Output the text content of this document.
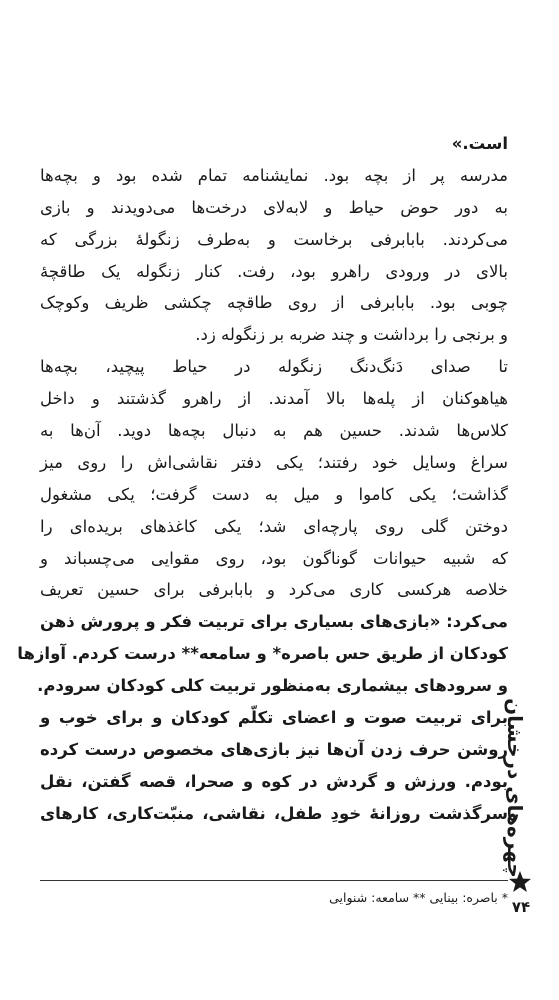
است.»
مدرسه پر از بچه بود. نمایشنامه تمام شده بود و بچه‌ها
به دور حوض حیاط و لابه‌لای درخت‌ها می‌دویدند و بازی
می‌کردند. بابابرفی برخاست و به‌طرف زنگولهٔ بزرگی که
بالای در ورودی راهرو بود، رفت. کنار زنگوله یک طاقچهٔ
چوبی بود. بابابرفی از روی طاقچه چکشی ظریف وکوچک
و برنجی را برداشت و چند ضربه بر زنگوله زد.
تا صدای دَنگ‌دنگ زنگوله در حیاط پیچید، بچه‌ها
هیاهوکنان از پله‌ها بالا آمدند. از راهرو گذشتند و داخل
کلاس‌ها شدند. حسین هم به دنبال بچه‌ها دوید. آن‌ها به
سراغ وسایل خود رفتند؛ یکی دفتر نقاشی‌اش را روی میز
گذاشت؛ یکی کاموا و میل به دست گرفت؛ یکی مشغول
دوختن گلی روی پارچه‌ای شد؛ یکی کاغذهای بریده‌ای را
که شبیه حیوانات گوناگون بود، روی مقوایی می‌چسباند و
خلاصه هرکسی کاری می‌کرد و بابابرفی برای حسین تعریف
می‌کرد: «بازی‌های بسیاری برای تربیت فکر و پرورش ذهن
کودکان از طریق حس باصره* و سامعه** درست کردم. آوازها
و سرودهای بیشماری به‌منظور تربیت کلی کودکان سرودم.
برای تربیت صوت و اعضای تکلّم کودکان و برای خوب و
روشن حرف زدن آن‌ها نیز بازی‌های مخصوص درست کرده
بودم. ورزش و گردش در کوه و صحرا، قصه گفتن، نقل
سرگذشت روزانهٔ خودِ طفل، نقاشی، منبّت‌کاری، کارهای
چهره‌های درخشان
۷۴
* باصره: بینایی ** سامعه: شنوایی
